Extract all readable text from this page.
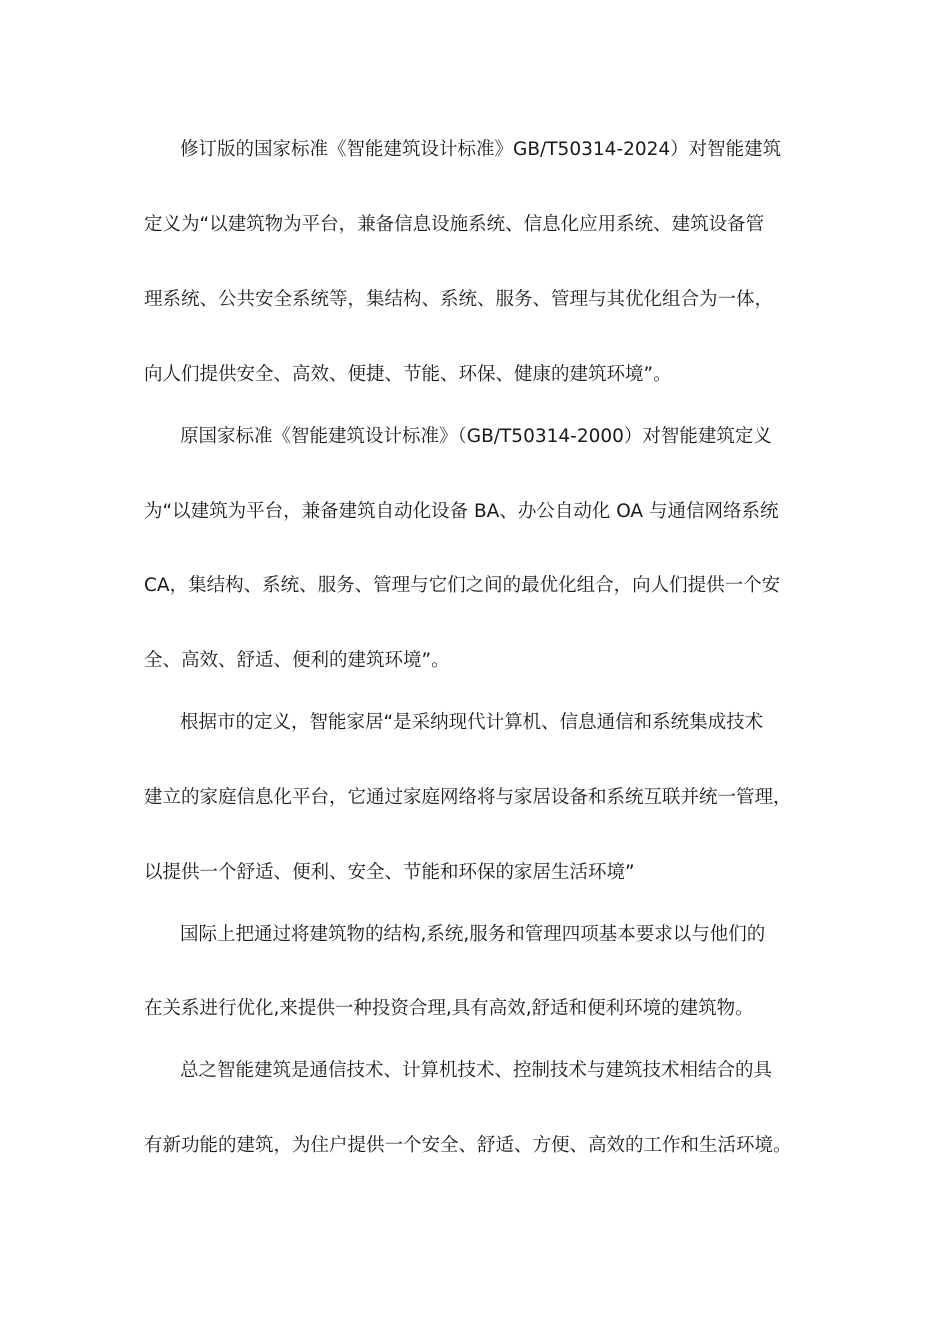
修订版的国家标准《智能建筑设计标准》GB/T50314-2024）对智能建筑
定义为“以建筑物为平台，兼备信息设施系统、信息化应用系统、建筑设备管
理系统、公共安全系统等，集结构、系统、服务、管理与其优化组合为一体，
向人们提供安全、高效、便捷、节能、环保、健康的建筑环境”。
原国家标准《智能建筑设计标准》（GB/T50314-2000）对智能建筑定义
为“以建筑为平台，兼备建筑自动化设备 BA、办公自动化 OA 与通信网络系统
CA，集结构、系统、服务、管理与它们之间的最优化组合，向人们提供一个安
全、高效、舒适、便利的建筑环境”。
根据市的定义，智能家居“是采纳现代计算机、信息通信和系统集成技术
建立的家庭信息化平台，它通过家庭网络将与家居设备和系统互联并统一管理，
以提供一个舒适、便利、安全、节能和环保的家居生活环境”
国际上把通过将建筑物的结构,系统,服务和管理四项基本要求以与他们的
在关系进行优化,来提供一种投资合理,具有高效,舒适和便利环境的建筑物。
总之智能建筑是通信技术、计算机技术、控制技术与建筑技术相结合的具
有新功能的建筑，为住户提供一个安全、舒适、方便、高效的工作和生活环境。
